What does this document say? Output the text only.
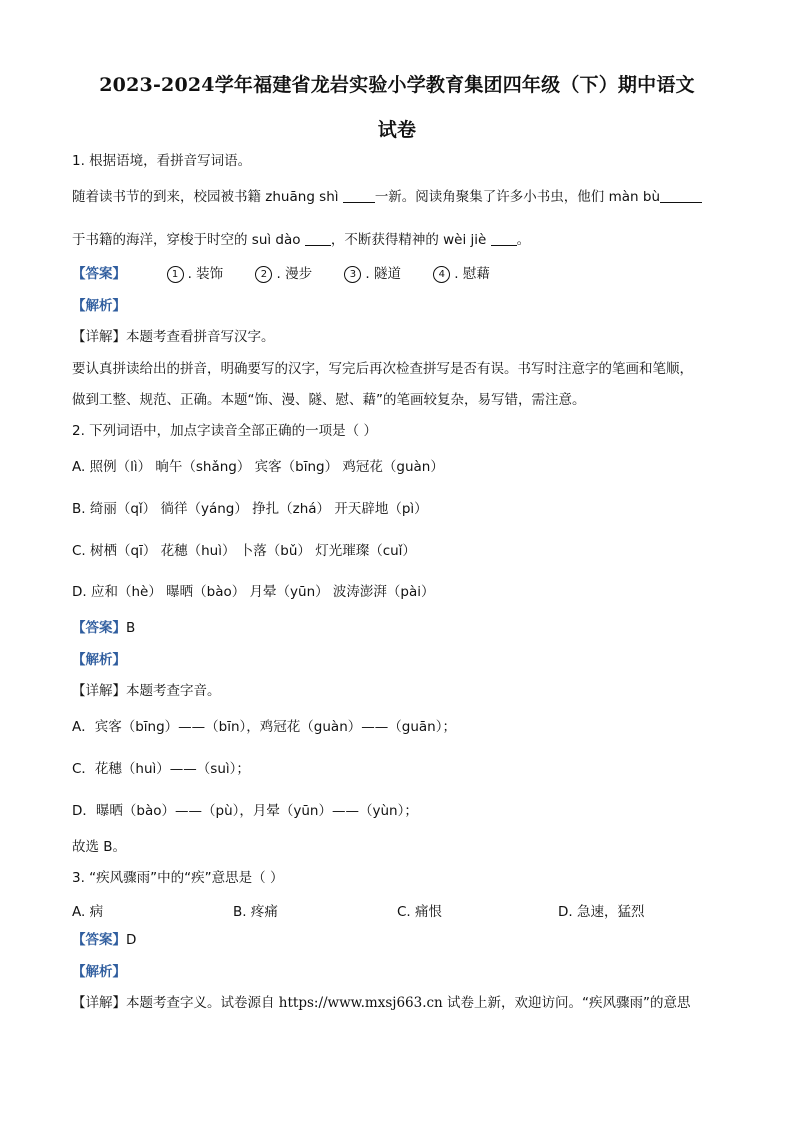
2023-2024学年福建省龙岩实验小学教育集团四年级（下）期中语文
试卷
1. 根据语境，看拼音写词语。
随着读书节的到来，校园被书籍 zhuāng shì 一新。阅读角聚集了许多小书虫，他们 màn bù
于书籍的海洋，穿梭于时空的 suì dào ，不断获得精神的 wèi jiè 。
【答案】	1 . 装饰	2 . 漫步	3 . 隧道	4 . 慰藉
【解析】
【详解】本题考查看拼音写汉字。
要认真拼读给出的拼音，明确要写的汉字，写完后再次检查拼写是否有误。书写时注意字的笔画和笔顺，
做到工整、规范、正确。本题“饰、漫、隧、慰、藉”的笔画较复杂，易写错，需注意。
2. 下列词语中，加点字读音全部正确的一项是（ ）
A. 照例（lì） 晌午（shǎng） 宾客（bīng） 鸡冠花（guàn）
B. 绮丽（qǐ） 徜徉（yáng） 挣扎（zhá） 开天辟地（pì）
C. 树栖（qī） 花穗（huì） 卜落（bǔ） 灯光璀璨（cuǐ）
D. 应和（hè） 曝晒（bào） 月晕（yūn） 波涛澎湃（pài）
【答案】B
【解析】
【详解】本题考查字音。
A．宾客（bīng）——（bīn），鸡冠花（guàn）——（guān）；
C．花穗（huì）——（suì）；
D．曝晒（bào）——（pù），月晕（yūn）——（yùn）；
故选 B。
3. “疾风骤雨”中的“疾”意思是（ ）
A. 病	B. 疼痛	C. 痛恨	D. 急速，猛烈
【答案】D
【解析】
【详解】本题考查字义。试卷源自 https://www.mxsj663.cn 试卷上新，欢迎访问。“疾风骤雨”的意思
